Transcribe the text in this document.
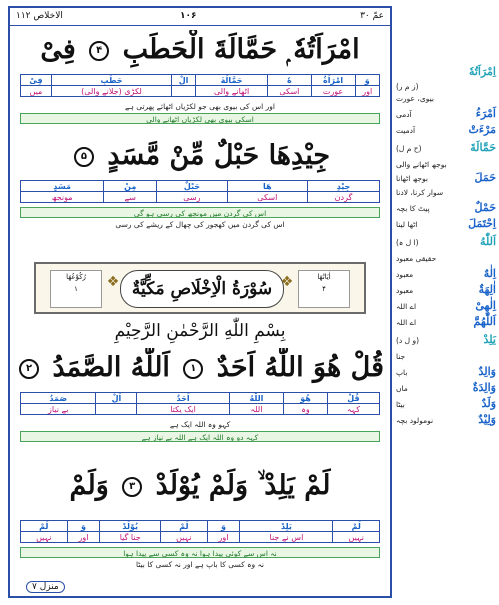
الاخلاص ۱۱۲	۱۰۶	عمّ ۳۰
امْرَاَتُهٗ ۭ حَمَّالَةَ الْحَطَبِ ۴ فِىْ
وَ	امْرَاَةُ	هٗ	حَمَّالَةَ	الْ	حَطَبِ	فِىْ
اور	عورت	اسکی	اٹھانے والی		لکڑی (جلانے والی)	میں
اور اس کی بیوی بھی جو لکڑیاں اٹھائے پھرتی ہے
اسکی بیوی بھی لکڑیاں اٹھانے والی
جِيْدِهَا حَبْلٌ مِّنْ مَّسَدٍ ۵
جِيْدِ	هَا	حَبْلٌ	مِنْ	مَسَدٍ
گردن	اسکی	رسی	سے	مونجھ
اس کی گردن میں مونجھ کی رسی ہو گی
اس کی گردن میں کھجور کی چھال کے ریشے کی رسی
اٰيَاتُهَا
۴
سُوْرَةُ الْاِخْلَاصِ مَكِّيَّةٌ
رُكُوْعُهَا
۱	❖	❖
بِسْمِ اللّٰهِ الرَّحْمٰنِ الرَّحِيْمِ
قُلْ هُوَ اللّٰهُ اَحَدٌ ۱ اَللّٰهُ الصَّمَدُ ۲
قُلْ	هُوَ	اللّٰهُ	اَحَدٌ	اَلْ	صَمَدُ
کہہ	وہ	اللہ	ایک یکتا		بے نیاز
کہو وہ اللہ ایک ہے
کہہ دو وہ اللہ ایک ہے اللہ بے نیاز ہے
لَمْ يَلِدْ ۙ وَلَمْ يُوْلَدْ ۳ وَلَمْ
لَمْ	يَلِدْ	وَ	لَمْ	يُوْلَدْ	وَ	لَمْ
نہیں	اس نے جنا	اور	نہیں	جنا گیا	اور	نہیں
نہ اس سے کوئی پیدا ہوا نہ وہ کسی سے پیدا ہوا
نہ وہ کسی کا باپ ہے اور نہ کسی کا بیٹا
منزل ۷
اِمْرَاَتُهٗ
(ز م ر)
بیوی، عورت
اَمْرَءُ
آدمی
مَرْءَتْ
آدمیت
حَمَّالَةَ
(ح م ل)
بوجھ اٹھانے والی
حَمَلَ
بوجھ اٹھانا
سوار کرنا، لادنا
حَمْلٌ
پیٹ کا بچہ
اِحْتَمَلَ
اٹھا لینا
اَللّٰهُ
(ا ل ہ)
حقیقی معبود
اِلٰهٌ
معبود
اٰلِهَةٌ
معبود
اِلٰهِىْ
اے اللہ
اَللّٰهُمَّ
اے اللہ
يَلِدْ
(و ل د)
جنا
وَالِدٌ
باپ
وَالِدَةٌ
ماں
وَلَدٌ
بیٹا
وَلِيْدٌ
نومولود بچہ
